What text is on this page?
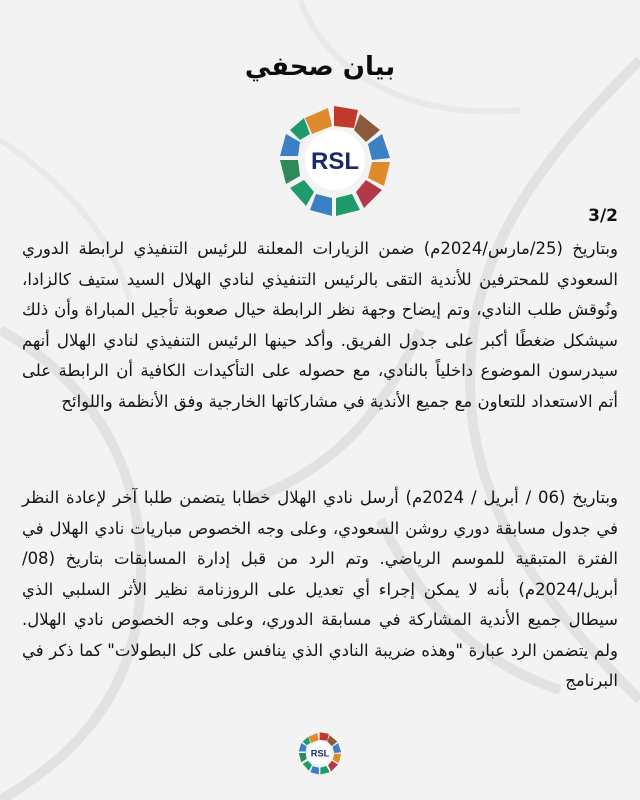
بيان صحفي
RSL
3/2

وبتاريخ (25/مارس/2024م) ضمن الزيارات المعلنة للرئيس التنفيذي لرابطة الدوري السعودي للمحترفين للأندية التقى بالرئيس التنفيذي لنادي الهلال السيد ستيف كالزادا، ونُوقش طلب النادي، وتم إيضاح وجهة نظر الرابطة حيال صعوبة تأجيل المباراة وأن ذلك سيشكل ضغطًا أكبر على جدول الفريق. وأكد حينها الرئيس التنفيذي لنادي الهلال أنهم سيدرسون الموضوع داخلياً بالنادي، مع حصوله على التأكيدات الكافية أن الرابطة على أتم الاستعداد للتعاون مع جميع الأندية في مشاركاتها الخارجية وفق الأنظمة واللوائح

وبتاريخ (06 / أبريل / 2024م) أرسل نادي الهلال خطابا يتضمن طلبا آخر لإعادة النظر في جدول مسابقة دوري روشن السعودي، وعلى وجه الخصوص مباريات نادي الهلال في الفترة المتبقية للموسم الرياضي. وتم الرد من قبل إدارة المسابقات بتاريخ (08/أبريل/2024م) بأنه لا يمكن إجراء أي تعديل على الروزنامة نظير الأثر السلبي الذي سيطال جميع الأندية المشاركة في مسابقة الدوري، وعلى وجه الخصوص نادي الهلال. ولم يتضمن الرد عبارة "وهذه ضريبة النادي الذي ينافس على كل البطولات" كما ذكر في البرنامج

RSL
